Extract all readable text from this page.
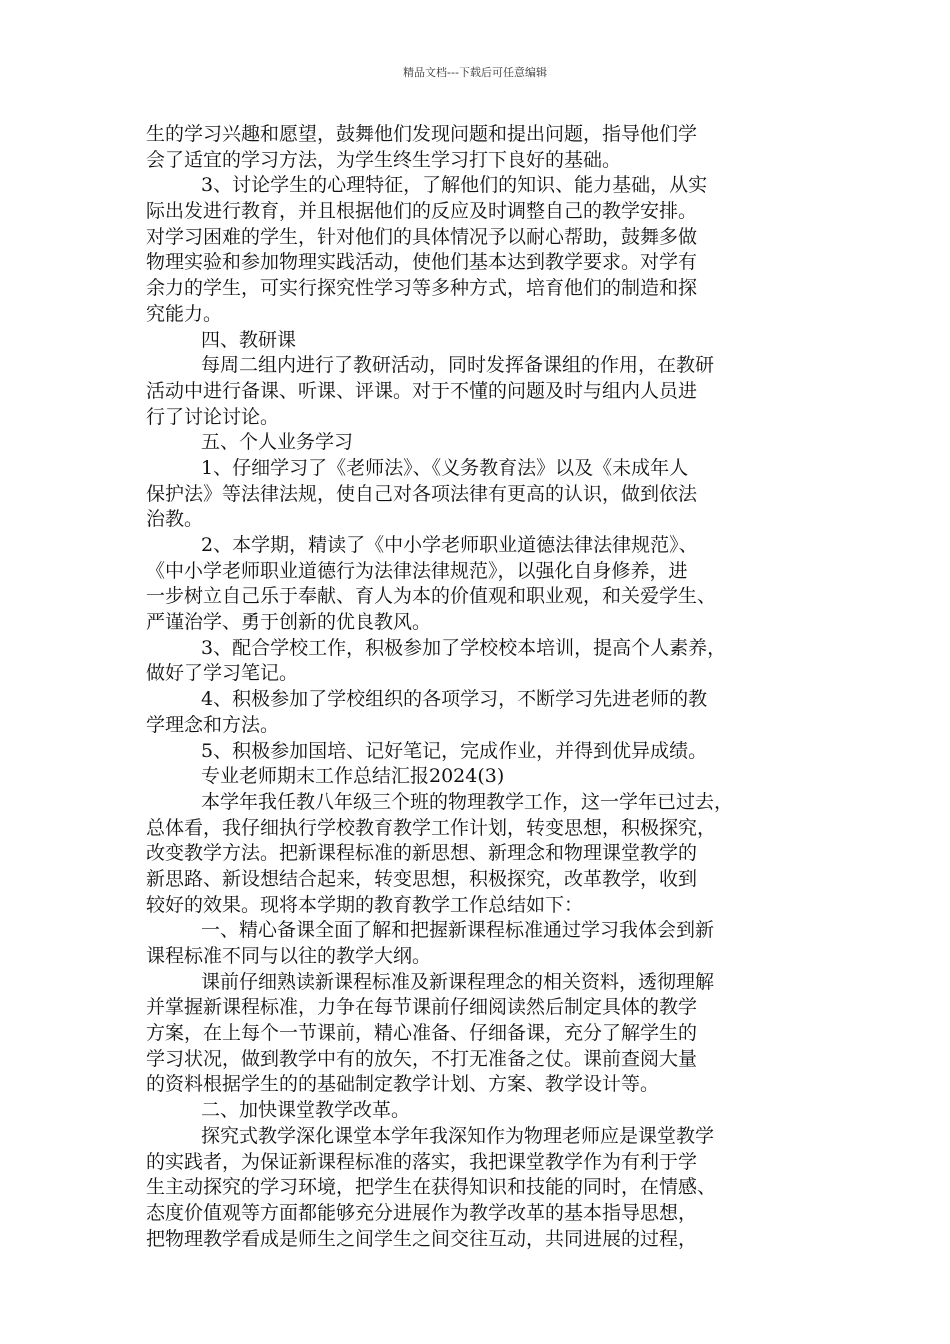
精品文档---下载后可任意编辑
生的学习兴趣和愿望，鼓舞他们发现问题和提出问题，指导他们学
会了适宜的学习方法，为学生终生学习打下良好的基础。
3、讨论学生的心理特征，了解他们的知识、能力基础，从实
际出发进行教育，并且根据他们的反应及时调整自己的教学安排。
对学习困难的学生，针对他们的具体情况予以耐心帮助，鼓舞多做
物理实验和参加物理实践活动，使他们基本达到教学要求。对学有
余力的学生，可实行探究性学习等多种方式，培育他们的制造和探
究能力。
四、教研课
每周二组内进行了教研活动，同时发挥备课组的作用，在教研
活动中进行备课、听课、评课。对于不懂的问题及时与组内人员进
行了讨论讨论。
五、个人业务学习
1、仔细学习了《老师法》、《义务教育法》以及《未成年人
保护法》等法律法规，使自己对各项法律有更高的认识，做到依法
治教。
2、本学期，精读了《中小学老师职业道德法律法律规范》、
《中小学老师职业道德行为法律法律规范》，以强化自身修养，进
一步树立自己乐于奉献、育人为本的价值观和职业观，和关爱学生、
严谨治学、勇于创新的优良教风。
3、配合学校工作，积极参加了学校校本培训，提高个人素养，
做好了学习笔记。
4、积极参加了学校组织的各项学习，不断学习先进老师的教
学理念和方法。
5、积极参加国培、记好笔记，完成作业，并得到优异成绩。
专业老师期末工作总结汇报2024(3)
本学年我任教八年级三个班的物理教学工作，这一学年已过去，
总体看，我仔细执行学校教育教学工作计划，转变思想，积极探究，
改变教学方法。把新课程标准的新思想、新理念和物理课堂教学的
新思路、新设想结合起来，转变思想，积极探究，改革教学，收到
较好的效果。现将本学期的教育教学工作总结如下：
一、精心备课全面了解和把握新课程标准通过学习我体会到新
课程标准不同与以往的教学大纲。
课前仔细熟读新课程标准及新课程理念的相关资料，透彻理解
并掌握新课程标准，力争在每节课前仔细阅读然后制定具体的教学
方案，在上每个一节课前，精心准备、仔细备课，充分了解学生的
学习状况，做到教学中有的放矢，不打无准备之仗。课前查阅大量
的资料根据学生的的基础制定教学计划、方案、教学设计等。
二、加快课堂教学改革。
探究式教学深化课堂本学年我深知作为物理老师应是课堂教学
的实践者，为保证新课程标准的落实，我把课堂教学作为有利于学
生主动探究的学习环境，把学生在获得知识和技能的同时，在情感、
态度价值观等方面都能够充分进展作为教学改革的基本指导思想，
把物理教学看成是师生之间学生之间交往互动，共同进展的过程，
